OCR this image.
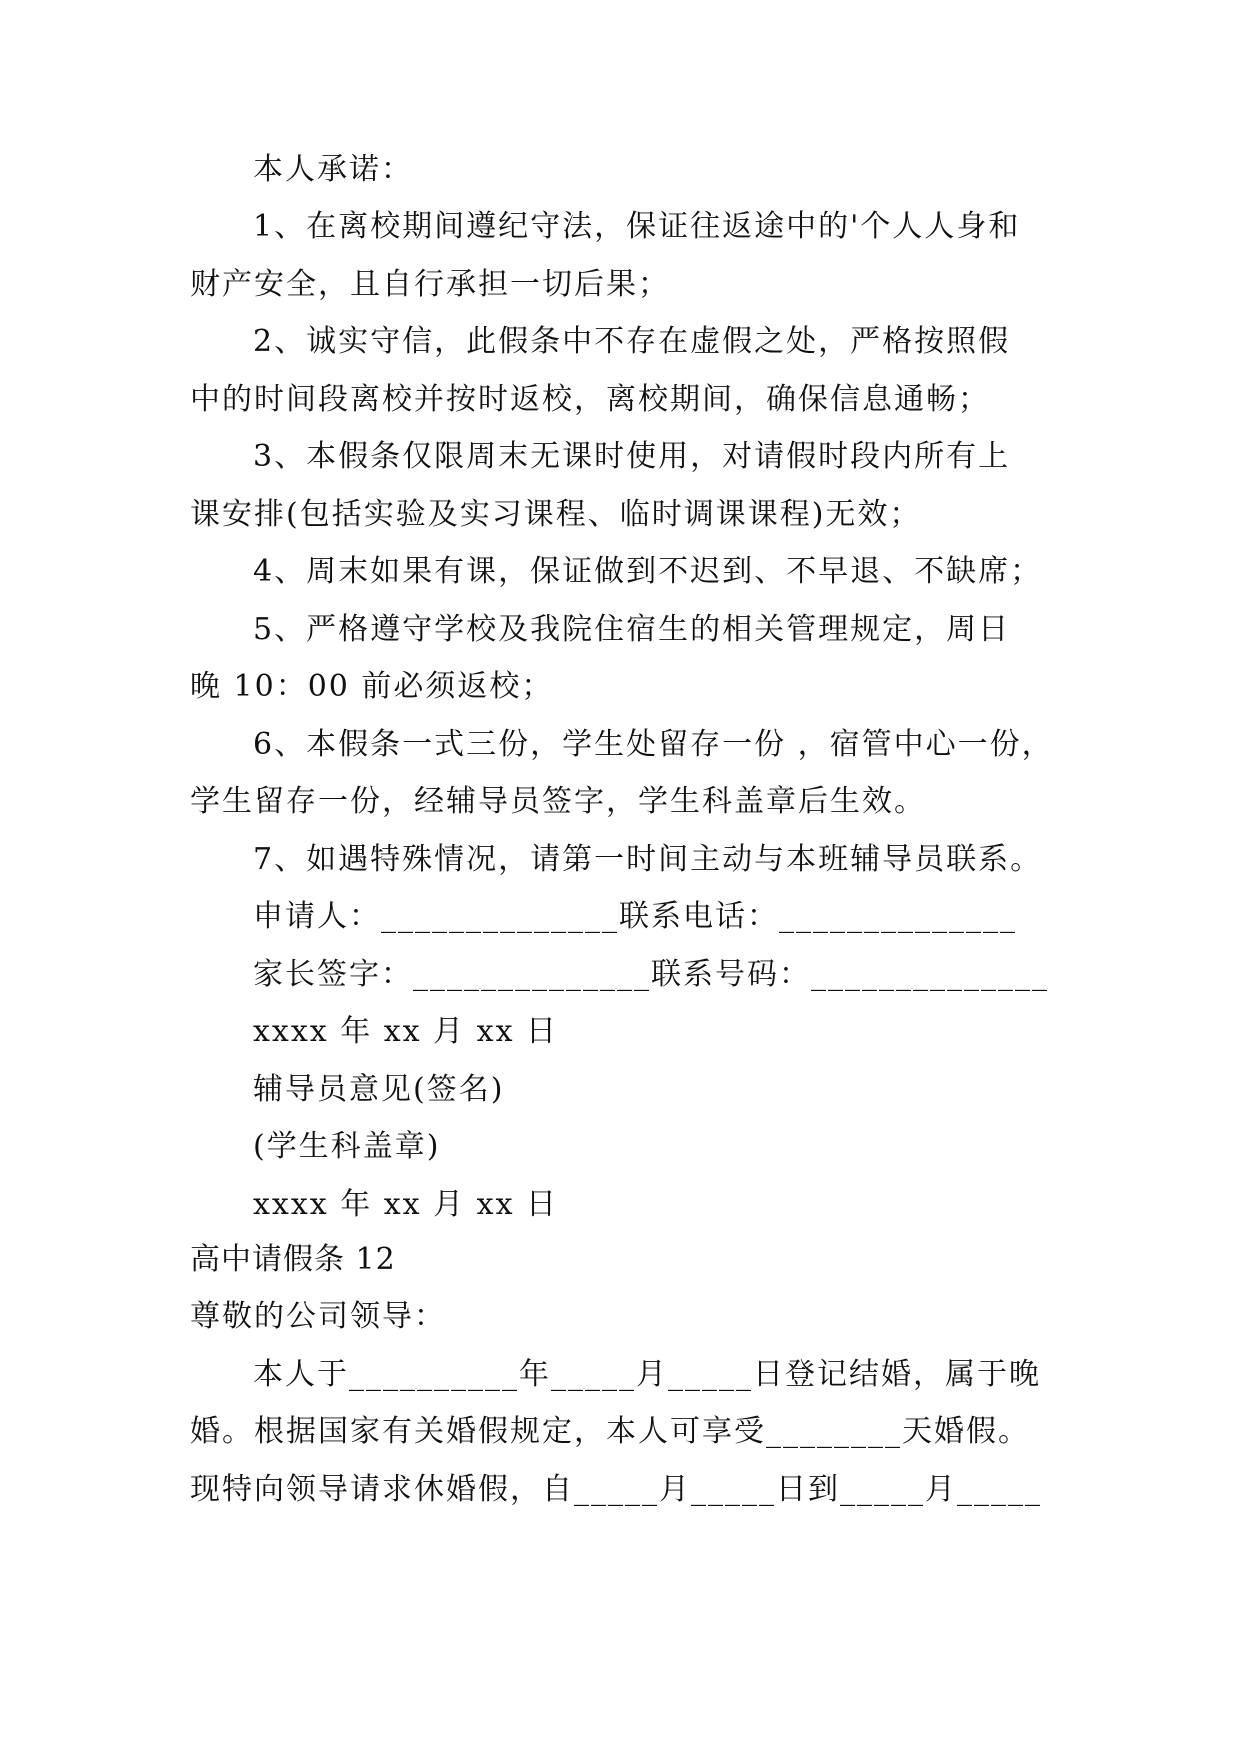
本人承诺：
1、在离校期间遵纪守法，保证往返途中的'个人人身和
财产安全，且自行承担一切后果；
2、诚实守信，此假条中不存在虚假之处，严格按照假
中的时间段离校并按时返校，离校期间，确保信息通畅；
3、本假条仅限周末无课时使用，对请假时段内所有上
课安排(包括实验及实习课程、临时调课课程)无效；
4、周末如果有课，保证做到不迟到、不早退、不缺席；
5、严格遵守学校及我院住宿生的相关管理规定，周日
晚 10：00 前必须返校；
6、本假条一式三份，学生处留存一份 ，宿管中心一份，
学生留存一份，经辅导员签字，学生科盖章后生效。
7、如遇特殊情况，请第一时间主动与本班辅导员联系。
申请人：______________联系电话：______________
家长签字：______________联系号码：______________
xxxx 年 xx 月 xx 日
辅导员意见(签名)
(学生科盖章)
xxxx 年 xx 月 xx 日
高中请假条 12
尊敬的公司领导：
本人于__________年_____月_____日登记结婚，属于晚
婚。根据国家有关婚假规定，本人可享受________天婚假。
现特向领导请求休婚假，自_____月_____日到_____月_____
